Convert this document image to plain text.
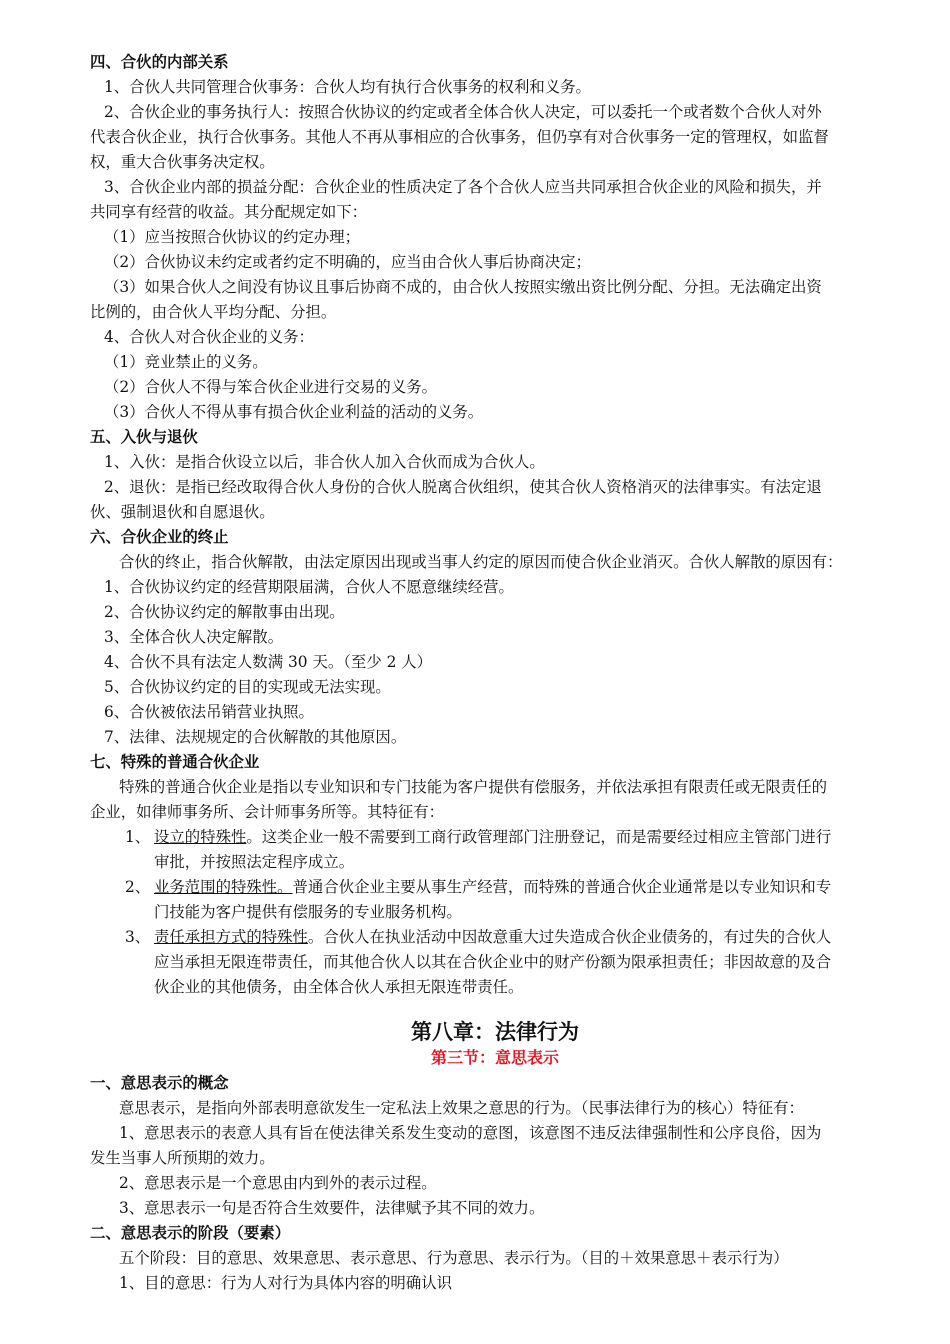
四、合伙的内部关系
1、合伙人共同管理合伙事务：合伙人均有执行合伙事务的权利和义务。
2、合伙企业的事务执行人：按照合伙协议的约定或者全体合伙人决定，可以委托一个或者数个合伙人对外
代表合伙企业，执行合伙事务。其他人不再从事相应的合伙事务，但仍享有对合伙事务一定的管理权，如监督
权，重大合伙事务决定权。
3、合伙企业内部的损益分配：合伙企业的性质决定了各个合伙人应当共同承担合伙企业的风险和损失，并
共同享有经营的收益。其分配规定如下：
（1）应当按照合伙协议的约定办理；
（2）合伙协议未约定或者约定不明确的，应当由合伙人事后协商决定；
（3）如果合伙人之间没有协议且事后协商不成的，由合伙人按照实缴出资比例分配、分担。无法确定出资
比例的，由合伙人平均分配、分担。
4、合伙人对合伙企业的义务：
（1）竞业禁止的义务。
（2）合伙人不得与笨合伙企业进行交易的义务。
（3）合伙人不得从事有损合伙企业利益的活动的义务。
五、入伙与退伙
1、入伙：是指合伙设立以后，非合伙人加入合伙而成为合伙人。
2、退伙：是指已经改取得合伙人身份的合伙人脱离合伙组织，使其合伙人资格消灭的法律事实。有法定退
伙、强制退伙和自愿退伙。
六、合伙企业的终止
合伙的终止，指合伙解散，由法定原因出现或当事人约定的原因而使合伙企业消灭。合伙人解散的原因有：
1、合伙协议约定的经营期限届满，合伙人不愿意继续经营。
2、合伙协议约定的解散事由出现。
3、全体合伙人决定解散。
4、合伙不具有法定人数满 30 天。（至少 2 人）
5、合伙协议约定的目的实现或无法实现。
6、合伙被依法吊销营业执照。
7、法律、法规规定的合伙解散的其他原因。
七、特殊的普通合伙企业
特殊的普通合伙企业是指以专业知识和专门技能为客户提供有偿服务，并依法承担有限责任或无限责任的
企业，如律师事务所、会计师事务所等。其特征有：
1、 设立的特殊性。这类企业一般不需要到工商行政管理部门注册登记，而是需要经过相应主管部门进行
审批，并按照法定程序成立。
2、 业务范围的特殊性。普通合伙企业主要从事生产经营，而特殊的普通合伙企业通常是以专业知识和专
门技能为客户提供有偿服务的专业服务机构。
3、 责任承担方式的特殊性。合伙人在执业活动中因故意重大过失造成合伙企业债务的，有过失的合伙人
应当承担无限连带责任，而其他合伙人以其在合伙企业中的财产份额为限承担责任；非因故意的及合
伙企业的其他债务，由全体合伙人承担无限连带责任。
第八章：法律行为
第三节：意思表示
一、意思表示的概念
意思表示，是指向外部表明意欲发生一定私法上效果之意思的行为。（民事法律行为的核心）特征有：
1、意思表示的表意人具有旨在使法律关系发生变动的意图，该意图不违反法律强制性和公序良俗，因为
发生当事人所预期的效力。
2、意思表示是一个意思由内到外的表示过程。
3、意思表示一句是否符合生效要件，法律赋予其不同的效力。
二、意思表示的阶段（要素）
五个阶段：目的意思、效果意思、表示意思、行为意思、表示行为。（目的＋效果意思＋表示行为）
1、目的意思：行为人对行为具体内容的明确认识
